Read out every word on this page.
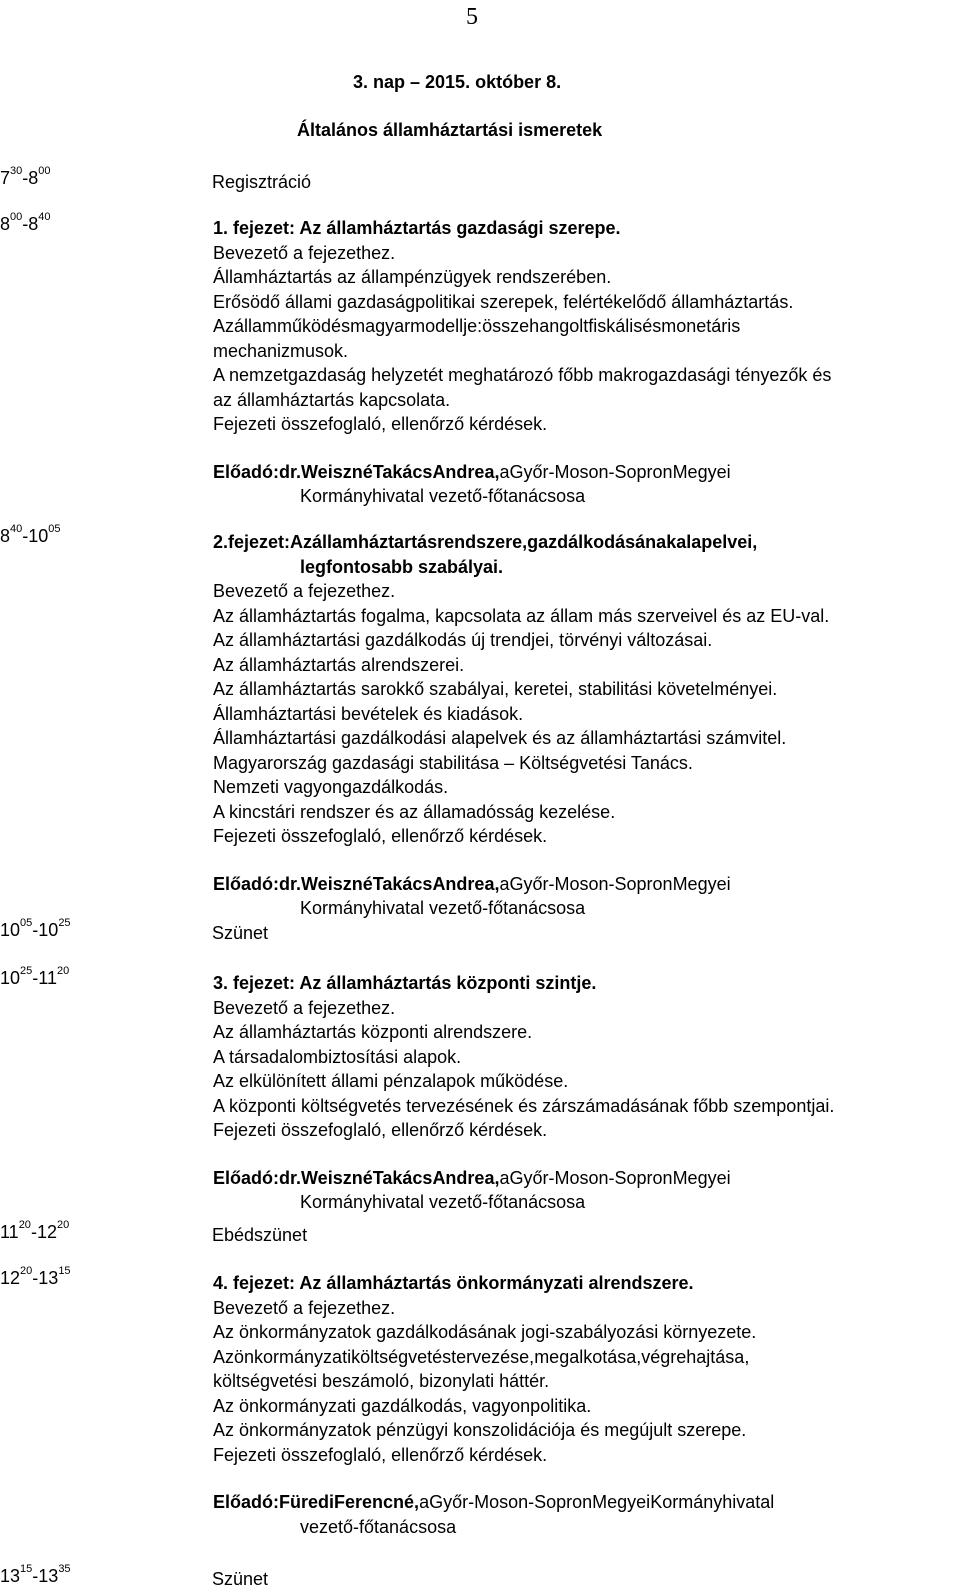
5
3. nap – 2015. október 8.
Általános államháztartási ismeretek
$7^{30}-8^{00}$
Regisztráció
$8^{00}-8^{40}$
1. fejezet: Az államháztartás gazdasági szerepe.
Bevezető a fejezethez.
Államháztartás az állampénzügyek rendszerében.
Erősödő állami gazdaságpolitikai szerepek, felértékelődő államháztartás.
Azállamműködésmagyarmodellje:összehangoltfiskálisésmonetáris
mechanizmusok.
A nemzetgazdaság helyzetét meghatározó főbb makrogazdasági tényezők és
az államháztartás kapcsolata.
Fejezeti összefoglaló, ellenőrző kérdések.
Előadó:dr.WeisznéTakácsAndrea,aGyőr-Moson-SopronMegyei
Kormányhivatal vezető-főtanácsosa
$8^{40}-10^{05}$
2.fejezet:Azállamháztartásrendszere,gazdálkodásánakalapelvei,
legfontosabb szabályai.
Bevezető a fejezethez.
Az államháztartás fogalma, kapcsolata az állam más szerveivel és az EU-val.
Az államháztartási gazdálkodás új trendjei, törvényi változásai.
Az államháztartás alrendszerei.
Az államháztartás sarokkő szabályai, keretei, stabilitási követelményei.
Államháztartási bevételek és kiadások.
Államháztartási gazdálkodási alapelvek és az államháztartási számvitel.
Magyarország gazdasági stabilitása – Költségvetési Tanács.
Nemzeti vagyongazdálkodás.
A kincstári rendszer és az államadósság kezelése.
Fejezeti összefoglaló, ellenőrző kérdések.
Előadó:dr.WeisznéTakácsAndrea,aGyőr-Moson-SopronMegyei
Kormányhivatal vezető-főtanácsosa
$10^{05}-10^{25}$	Szünet
$10^{25}-11^{20}$
3. fejezet: Az államháztartás központi szintje.
Bevezető a fejezethez.
Az államháztartás központi alrendszere.
A társadalombiztosítási alapok.
Az elkülönített állami pénzalapok működése.
A központi költségvetés tervezésének és zárszámadásának főbb szempontjai.
Fejezeti összefoglaló, ellenőrző kérdések.
Előadó:dr.WeisznéTakácsAndrea,aGyőr-Moson-SopronMegyei
Kormányhivatal vezető-főtanácsosa
$11^{20}-12^{20}$	Ebédszünet
$12^{20}-13^{15}$
4. fejezet: Az államháztartás önkormányzati alrendszere.
Bevezető a fejezethez.
Az önkormányzatok gazdálkodásának jogi-szabályozási környezete.
Azönkormányzatiköltségvetéstervezése,megalkotása,végrehajtása,
költségvetési beszámoló, bizonylati háttér.
Az önkormányzati gazdálkodás, vagyonpolitika.
Az önkormányzatok pénzügyi konszolidációja és megújult szerepe.
Fejezeti összefoglaló, ellenőrző kérdések.
Előadó:FürediFerencné,aGyőr-Moson-SopronMegyeiKormányhivatal
vezető-főtanácsosa
$13^{15}-13^{35}$	Szünet
